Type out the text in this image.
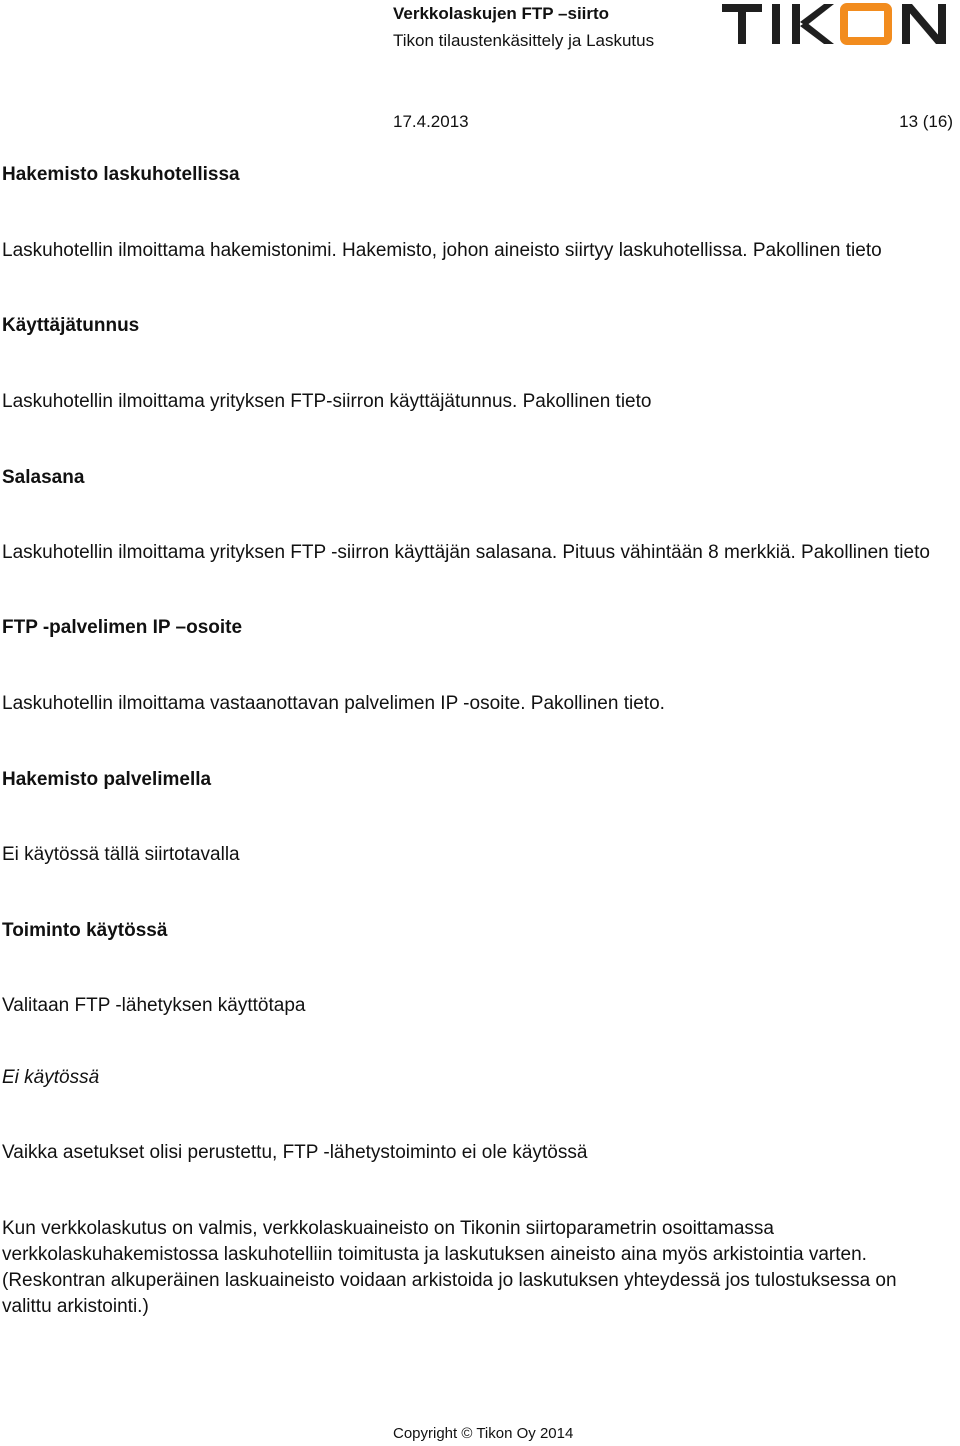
Verkkolaskujen FTP –siirto
Tikon tilaustenkäsittely ja Laskutus
17.4.2013	13 (16)
Hakemisto laskuhotellissa
Laskuhotellin ilmoittama hakemistonimi. Hakemisto, johon aineisto siirtyy laskuhotellissa. Pakollinen tieto
Käyttäjätunnus
Laskuhotellin ilmoittama yrityksen FTP-siirron käyttäjätunnus. Pakollinen tieto
Salasana
Laskuhotellin ilmoittama yrityksen FTP -siirron käyttäjän salasana. Pituus vähintään 8 merkkiä. Pakollinen tieto
FTP -palvelimen IP –osoite
Laskuhotellin ilmoittama vastaanottavan palvelimen IP -osoite. Pakollinen tieto.
Hakemisto palvelimella
Ei käytössä tällä siirtotavalla
Toiminto käytössä
Valitaan FTP -lähetyksen käyttötapa
Ei käytössä
Vaikka asetukset olisi perustettu, FTP -lähetystoiminto ei ole käytössä
Kun verkkolaskutus on valmis, verkkolaskuaineisto on Tikonin siirtoparametrin osoittamassa
verkkolaskuhakemistossa laskuhotelliin toimitusta ja laskutuksen aineisto aina myös arkistointia varten.
(Reskontran alkuperäinen laskuaineisto voidaan arkistoida jo laskutuksen yhteydessä jos tulostuksessa on
valittu arkistointi.)
Copyright © Tikon Oy 2014
